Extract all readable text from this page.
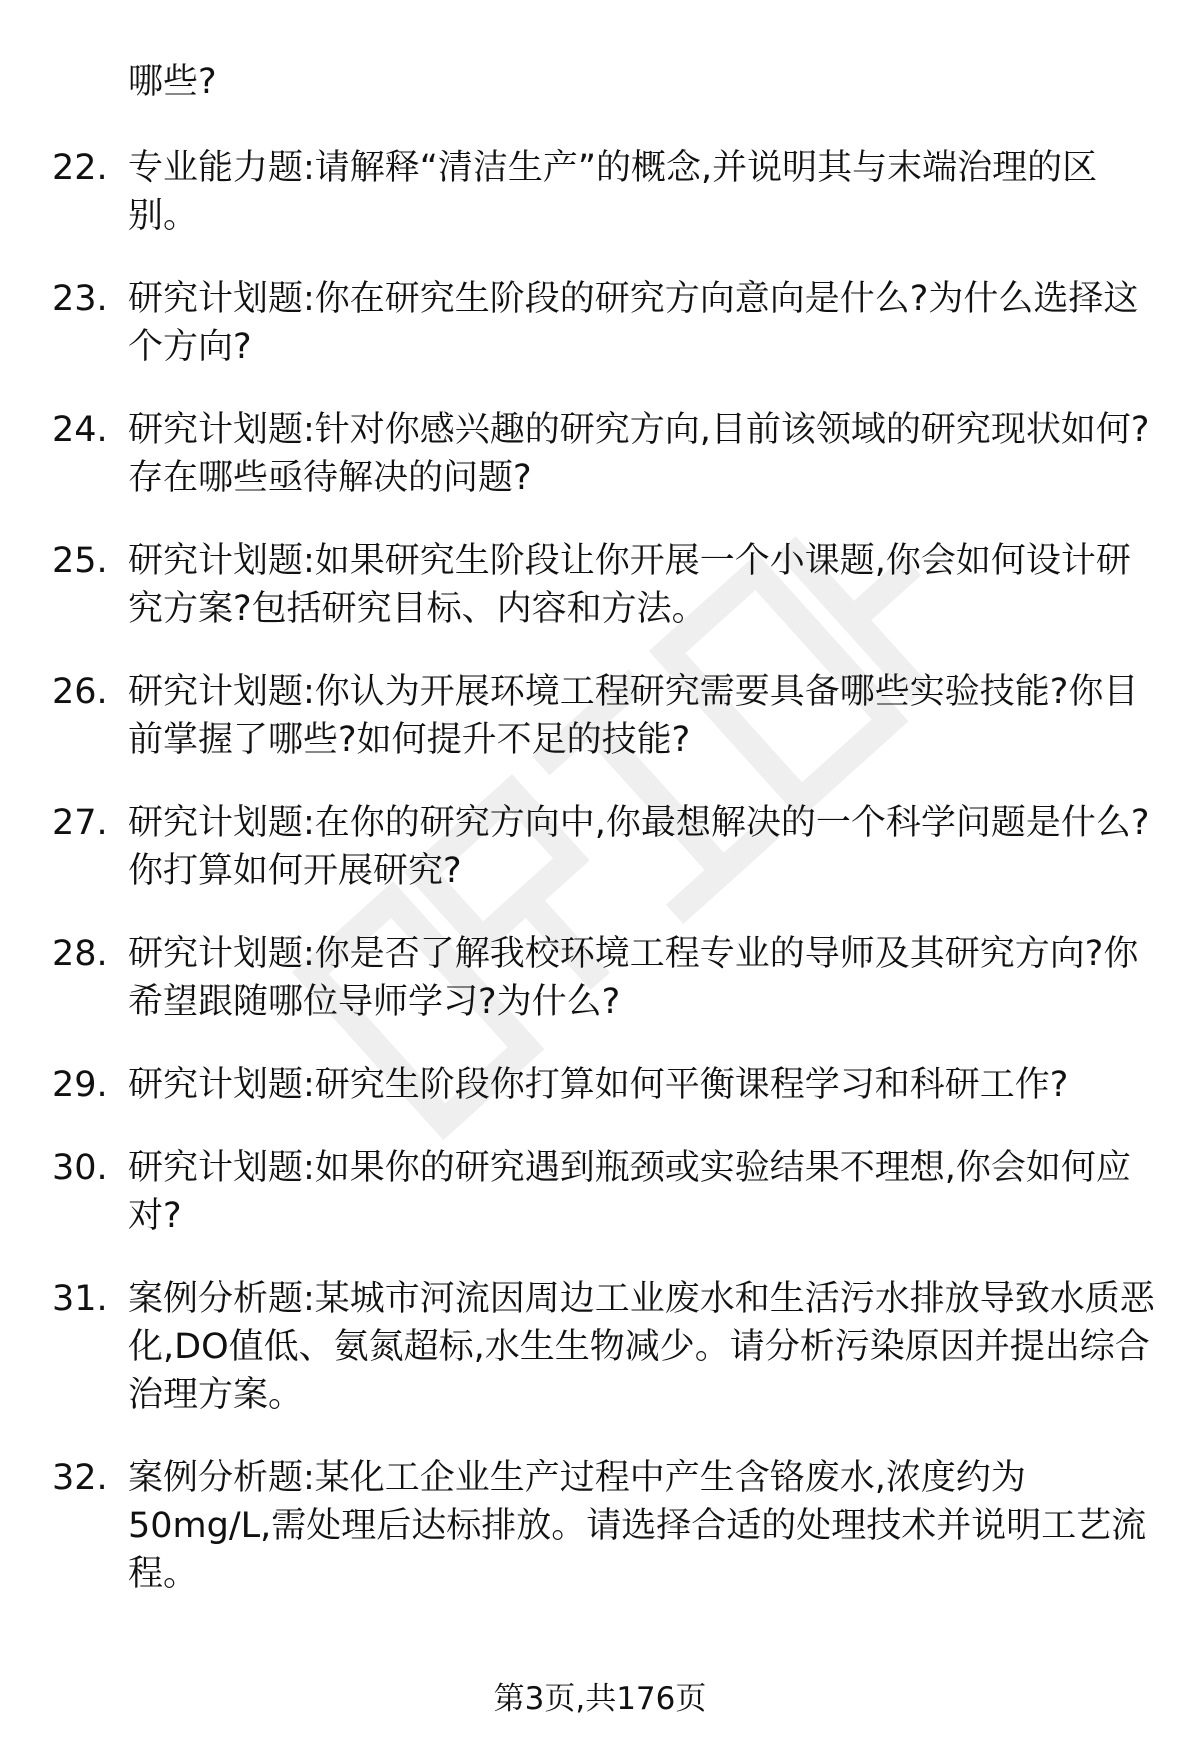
哪些?

22. 专业能力题:请解释“清洁生产”的概念,并说明其与末端治理的区别。

23. 研究计划题:你在研究生阶段的研究方向意向是什么?为什么选择这个方向?

24. 研究计划题:针对你感兴趣的研究方向,目前该领域的研究现状如何?存在哪些亟待解决的问题?

25. 研究计划题:如果研究生阶段让你开展一个小课题,你会如何设计研究方案?包括研究目标、内容和方法。

26. 研究计划题:你认为开展环境工程研究需要具备哪些实验技能?你目前掌握了哪些?如何提升不足的技能?

27. 研究计划题:在你的研究方向中,你最想解决的一个科学问题是什么?你打算如何开展研究?

28. 研究计划题:你是否了解我校环境工程专业的导师及其研究方向?你希望跟随哪位导师学习?为什么?

29. 研究计划题:研究生阶段你打算如何平衡课程学习和科研工作?

30. 研究计划题:如果你的研究遇到瓶颈或实验结果不理想,你会如何应对?

31. 案例分析题:某城市河流因周边工业废水和生活污水排放导致水质恶化,DO值低、氨氮超标,水生生物减少。请分析污染原因并提出综合治理方案。

32. 案例分析题:某化工企业生产过程中产生含铬废水,浓度约为50mg/L,需处理后达标排放。请选择合适的处理技术并说明工艺流程。

第3页,共176页
